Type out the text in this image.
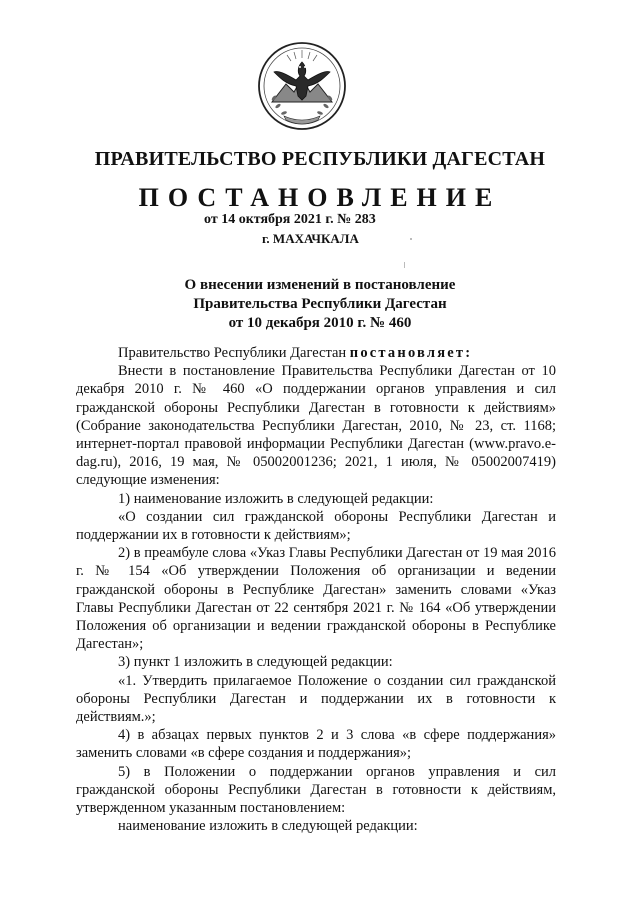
ПРАВИТЕЛЬСТВО РЕСПУБЛИКИ ДАГЕСТАН
ПОСТАНОВЛЕНИЕ
от 14 октября 2021 г. № 283
г. МАХАЧКАЛА
О внесении изменений в постановление
Правительства Республики Дагестан
от 10 декабря 2010 г. № 460

Правительство Республики Дагестан постановляет:

Внести в постановление Правительства Республики Дагестан от 10 декабря 2010 г. № 460 «О поддержании органов управления и сил гражданской обороны Республики Дагестан в готовности к действиям» (Собрание законодательства Республики Дагестан, 2010, № 23, ст. 1168; интернет-портал правовой информации Республики Дагестан (www.pravo.e-dag.ru), 2016, 19 мая, № 05002001236; 2021, 1 июля, № 05002007419) следующие изменения:

1) наименование изложить в следующей редакции:

«О создании сил гражданской обороны Республики Дагестан и поддержании их в готовности к действиям»;

2) в преамбуле слова «Указ Главы Республики Дагестан от 19 мая 2016 г. № 154 «Об утверждении Положения об организации и ведении гражданской обороны в Республике Дагестан» заменить словами «Указ Главы Республики Дагестан от 22 сентября 2021 г. № 164 «Об утверждении Положения об организации и ведении гражданской обороны в Республике Дагестан»;

3) пункт 1 изложить в следующей редакции:

«1. Утвердить прилагаемое Положение о создании сил гражданской обороны Республики Дагестан и поддержании их в готовности к действиям.»;

4) в абзацах первых пунктов 2 и 3 слова «в сфере поддержания» заменить словами «в сфере создания и поддержания»;

5) в Положении о поддержании органов управления и сил гражданской обороны Республики Дагестан в готовности к действиям, утвержденном указанным постановлением:

наименование изложить в следующей редакции:
